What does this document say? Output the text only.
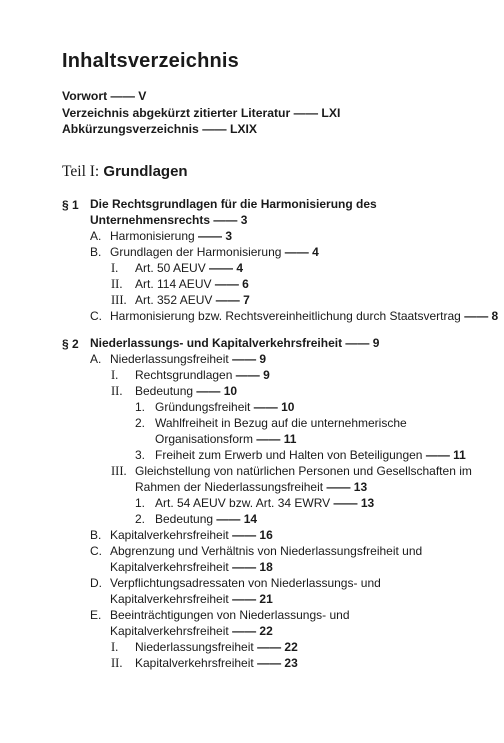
Inhaltsverzeichnis
Vorwort —— V
Verzeichnis abgekürzt zitierter Literatur —— LXI
Abkürzungsverzeichnis —— LXIX
Teil I: Grundlagen
§ 1 Die Rechtsgrundlagen für die Harmonisierung des
Unternehmensrechts —— 3
A. Harmonisierung —— 3
B. Grundlagen der Harmonisierung —— 4
I. Art. 50 AEUV —— 4
II. Art. 114 AEUV —— 6
III. Art. 352 AEUV —— 7
C. Harmonisierung bzw. Rechtsvereinheitlichung durch Staatsvertrag —— 8
§ 2 Niederlassungs- und Kapitalverkehrsfreiheit —— 9
A. Niederlassungsfreiheit —— 9
I. Rechtsgrundlagen —— 9
II. Bedeutung —— 10
1. Gründungsfreiheit —— 10
2. Wahlfreiheit in Bezug auf die unternehmerische
Organisationsform —— 11
3. Freiheit zum Erwerb und Halten von Beteiligungen —— 11
III. Gleichstellung von natürlichen Personen und Gesellschaften im
Rahmen der Niederlassungsfreiheit —— 13
1. Art. 54 AEUV bzw. Art. 34 EWRV —— 13
2. Bedeutung —— 14
B. Kapitalverkehrsfreiheit —— 16
C. Abgrenzung und Verhältnis von Niederlassungsfreiheit und
Kapitalverkehrsfreiheit —— 18
D. Verpflichtungsadressaten von Niederlassungs- und
Kapitalverkehrsfreiheit —— 21
E. Beeinträchtigungen von Niederlassungs- und
Kapitalverkehrsfreiheit —— 22
I. Niederlassungsfreiheit —— 22
II. Kapitalverkehrsfreiheit —— 23
